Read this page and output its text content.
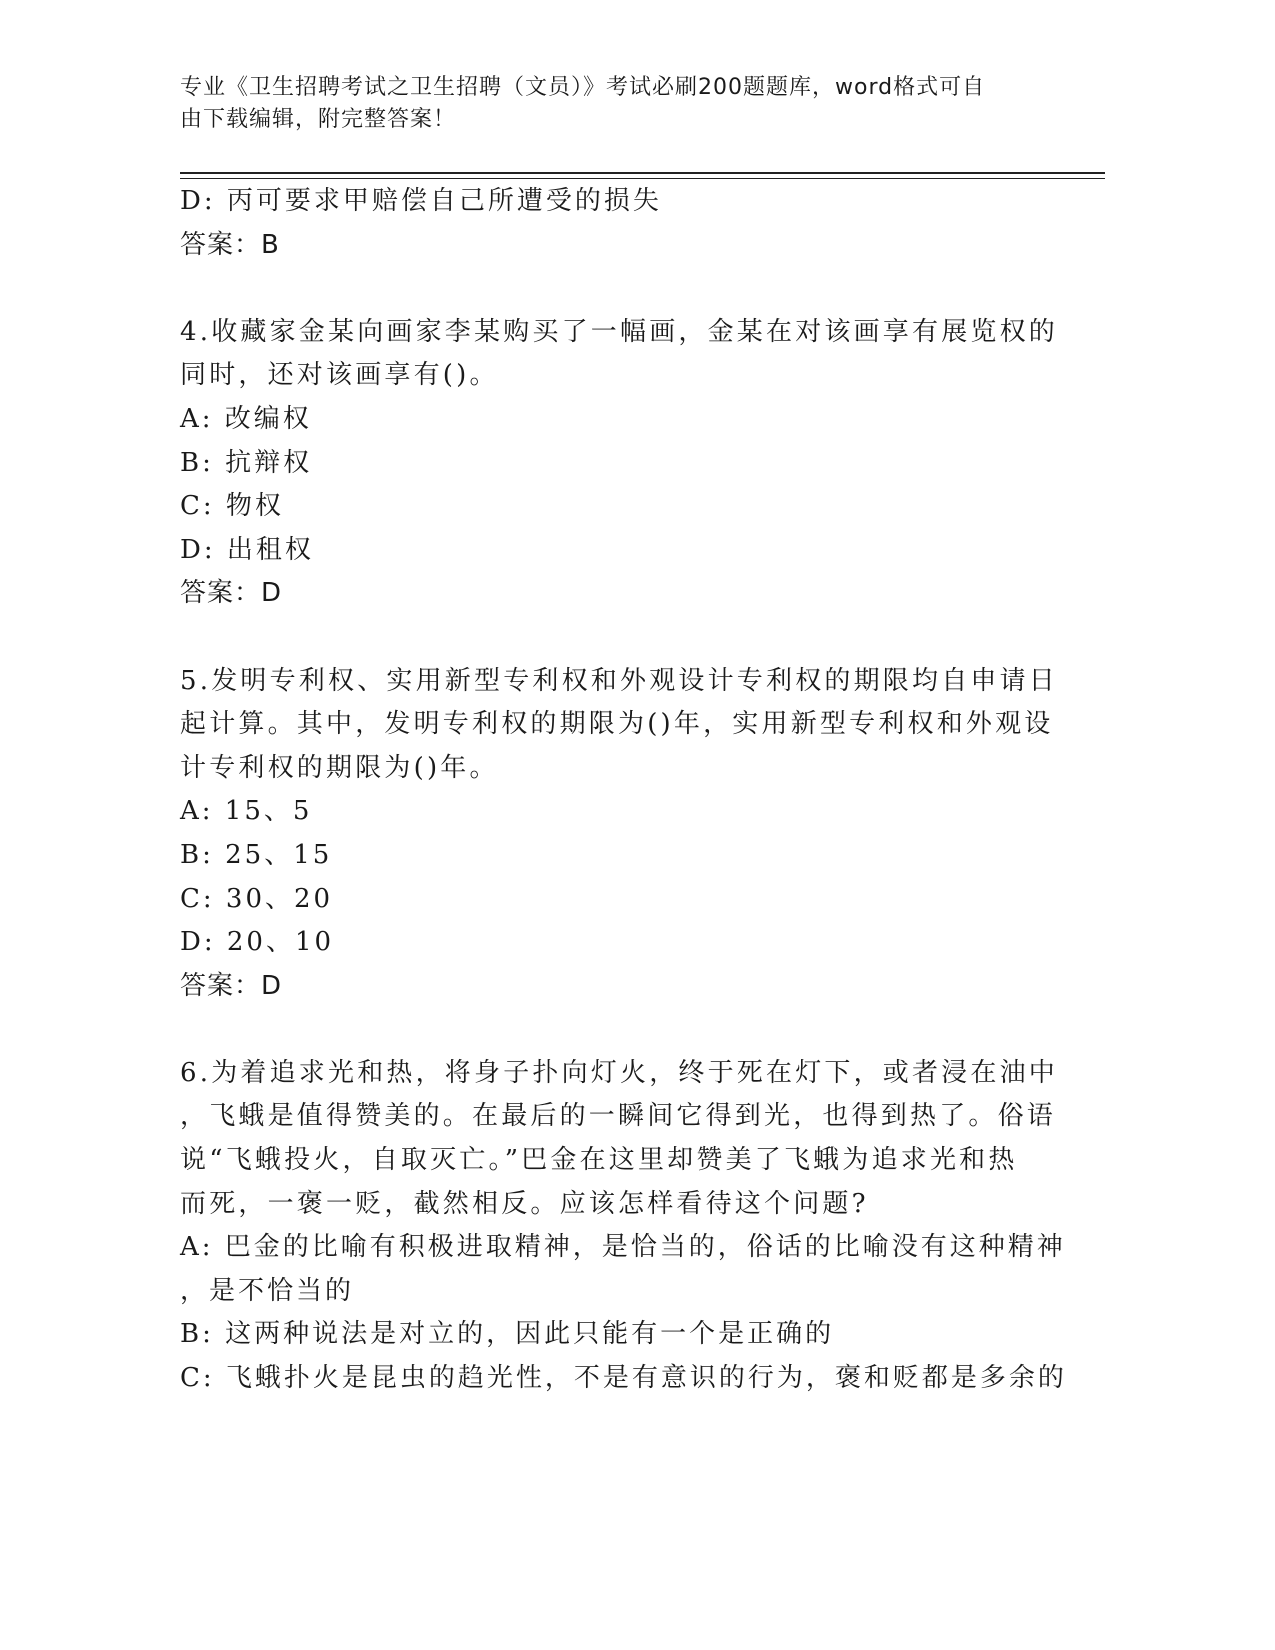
专业《卫生招聘考试之卫生招聘（文员）》考试必刷200题题库，word格式可自
由下载编辑，附完整答案！
D: 丙可要求甲赔偿自己所遭受的损失
答案：B
4.收藏家金某向画家李某购买了一幅画，金某在对该画享有展览权的
同时，还对该画享有()。
A: 改编权
B: 抗辩权
C: 物权
D: 出租权
答案：D
5.发明专利权、实用新型专利权和外观设计专利权的期限均自申请日
起计算。其中，发明专利权的期限为()年，实用新型专利权和外观设
计专利权的期限为()年。
A: 15、5
B: 25、15
C: 30、20
D: 20、10
答案：D
6.为着追求光和热，将身子扑向灯火，终于死在灯下，或者浸在油中
，飞蛾是值得赞美的。在最后的一瞬间它得到光，也得到热了。俗语
说“飞蛾投火，自取灭亡。”巴金在这里却赞美了飞蛾为追求光和热
而死，一褒一贬，截然相反。应该怎样看待这个问题?
A: 巴金的比喻有积极进取精神，是恰当的，俗话的比喻没有这种精神
，是不恰当的
B: 这两种说法是对立的，因此只能有一个是正确的
C: 飞蛾扑火是昆虫的趋光性，不是有意识的行为，褒和贬都是多余的
